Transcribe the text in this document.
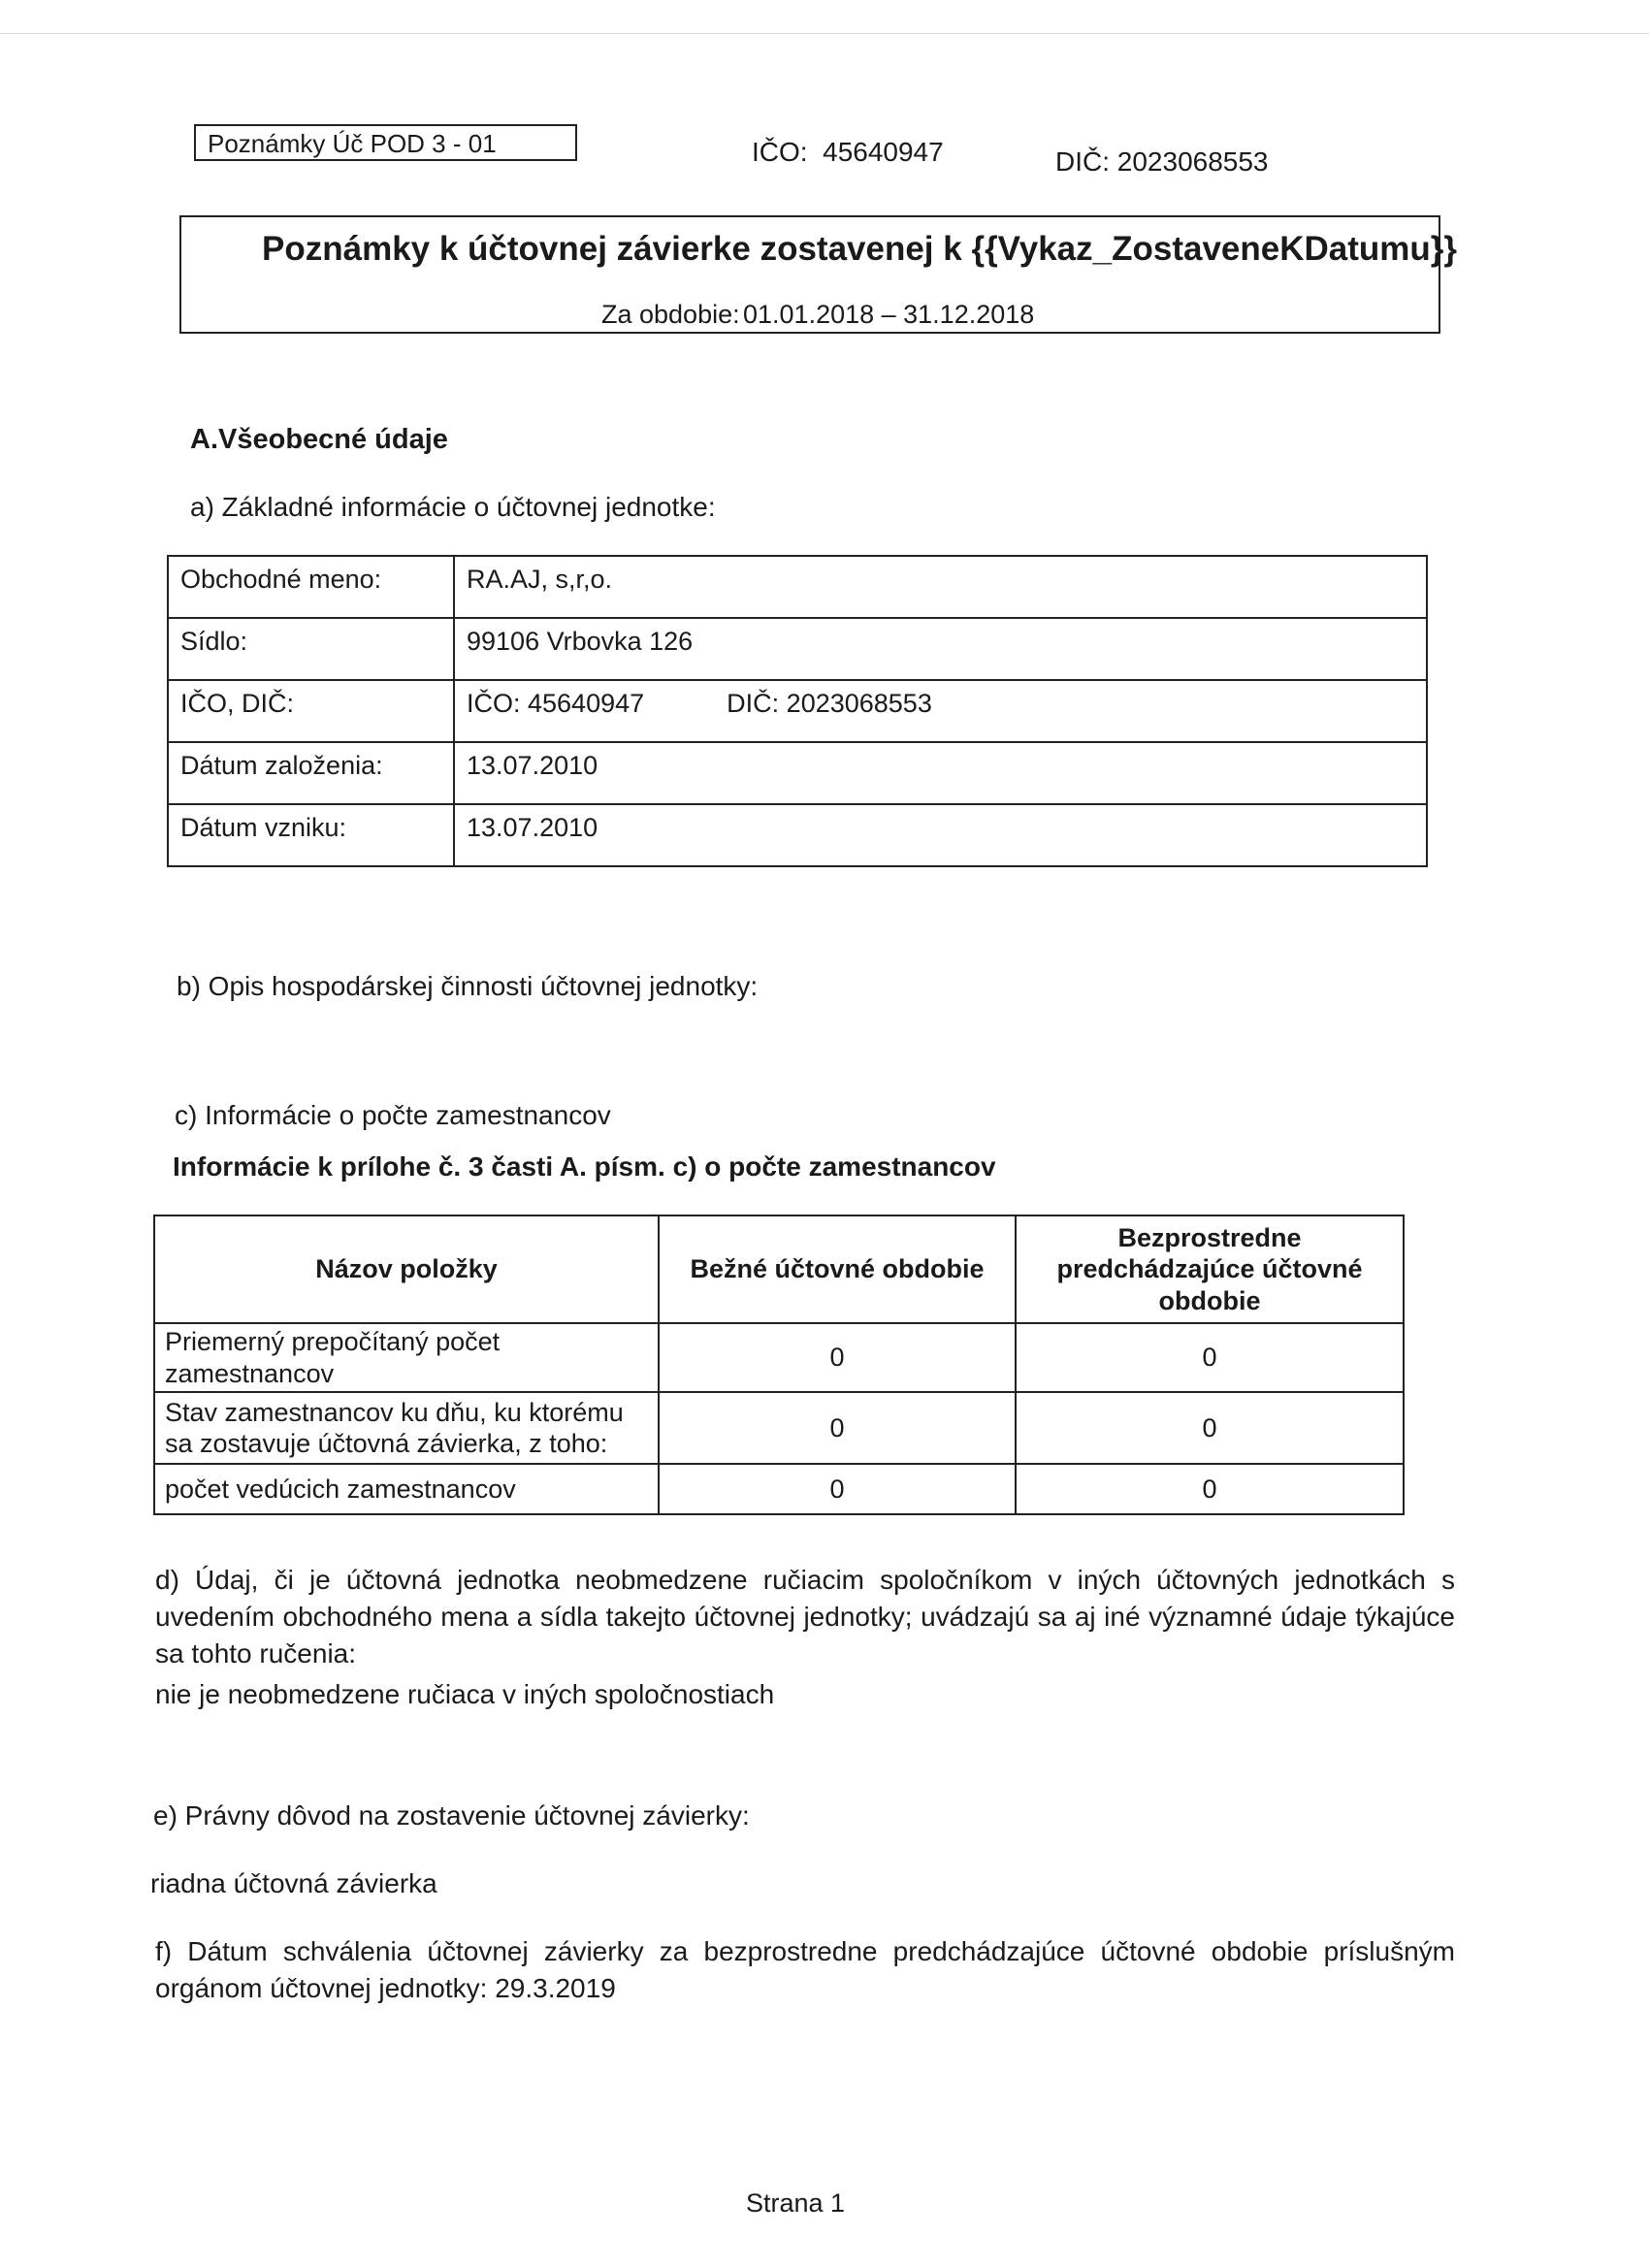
Poznámky Úč POD 3 - 01	IČO: 45640947	DIČ: 2023068553
Poznámky k účtovnej závierke zostavenej k {{Vykaz_ZostaveneKDatumu}}
Za obdobie: 01.01.2018 – 31.12.2018
A.Všeobecné údaje
a) Základné informácie o účtovnej jednotke:
Obchodné meno:	RA.AJ, s,r,o.
Sídlo:	99106 Vrbovka 126
IČO, DIČ:	IČO: 45640947 DIČ: 2023068553
Dátum založenia:	13.07.2010
Dátum vzniku:	13.07.2010
b) Opis hospodárskej činnosti účtovnej jednotky:
c) Informácie o počte zamestnancov
Informácie k prílohe č. 3 časti A. písm. c) o počte zamestnancov
Názov položky	Bežné účtovné obdobie	Bezprostredne predchádzajúce účtovné obdobie
Priemerný prepočítaný počet zamestnancov	0	0
Stav zamestnancov ku dňu, ku ktorému sa zostavuje účtovná závierka, z toho:	0	0
počet vedúcich zamestnancov	0	0
d) Údaj, či je účtovná jednotka neobmedzene ručiacim spoločníkom v iných účtovných jednotkách s uvedením obchodného mena a sídla takejto účtovnej jednotky; uvádzajú sa aj iné významné údaje týkajúce sa tohto ručenia:
nie je neobmedzene ručiaca v iných spoločnostiach
e) Právny dôvod na zostavenie účtovnej závierky:
riadna účtovná závierka
f) Dátum schválenia účtovnej závierky za bezprostredne predchádzajúce účtovné obdobie príslušným orgánom účtovnej jednotky: 29.3.2019
Strana 1
